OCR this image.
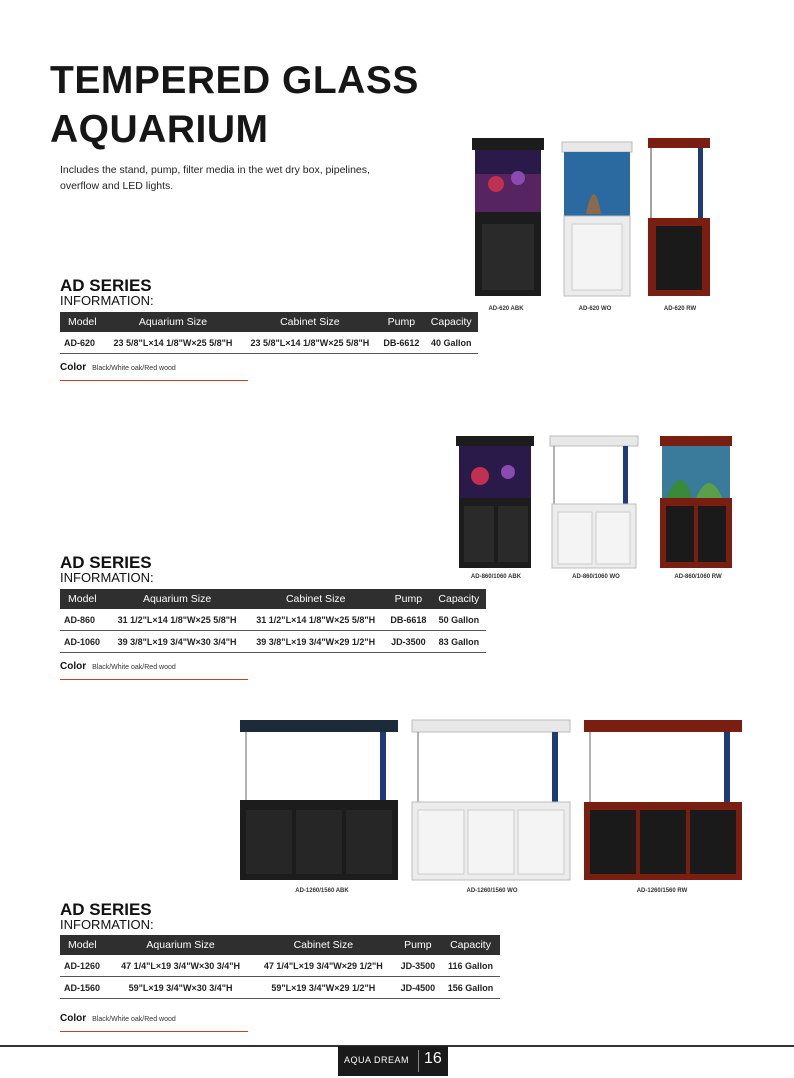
TEMPERED GLASS AQUARIUM
Includes the stand, pump, filter media in the wet dry box, pipelines, overflow and LED lights.
AD SERIES
INFORMATION:
Model	Aquarium Size	Cabinet Size	Pump	Capacity
AD-620	23 5/8"L×14 1/8"W×25 5/8"H	23 5/8"L×14 1/8"W×25 5/8"H	DB-6612	40 Gallon
Color Black/White oak/Red wood
AD-620 ABK	AD-620 WO	AD-620 RW
AD SERIES
INFORMATION:
Model	Aquarium Size	Cabinet Size	Pump	Capacity
AD-860	31 1/2"L×14 1/8"W×25 5/8"H	31 1/2"L×14 1/8"W×25 5/8"H	DB-6618	50 Gallon
AD-1060	39 3/8"L×19 3/4"W×30 3/4"H	39 3/8"L×19 3/4"W×29 1/2"H	JD-3500	83 Gallon
Color Black/White oak/Red wood
AD-860/1060 ABK	AD-860/1060 WO	AD-860/1060 RW
AD-1260/1560 ABK	AD-1260/1560 WO	AD-1260/1560 RW
AD SERIES
INFORMATION:
Model	Aquarium Size	Cabinet Size	Pump	Capacity
AD-1260	47 1/4"L×19 3/4"W×30 3/4"H	47 1/4"L×19 3/4"W×29 1/2"H	JD-3500	116 Gallon
AD-1560	59"L×19 3/4"W×30 3/4"H	59"L×19 3/4"W×29 1/2"H	JD-4500	156 Gallon
Color Black/White oak/Red wood
AQUA DREAM 16
